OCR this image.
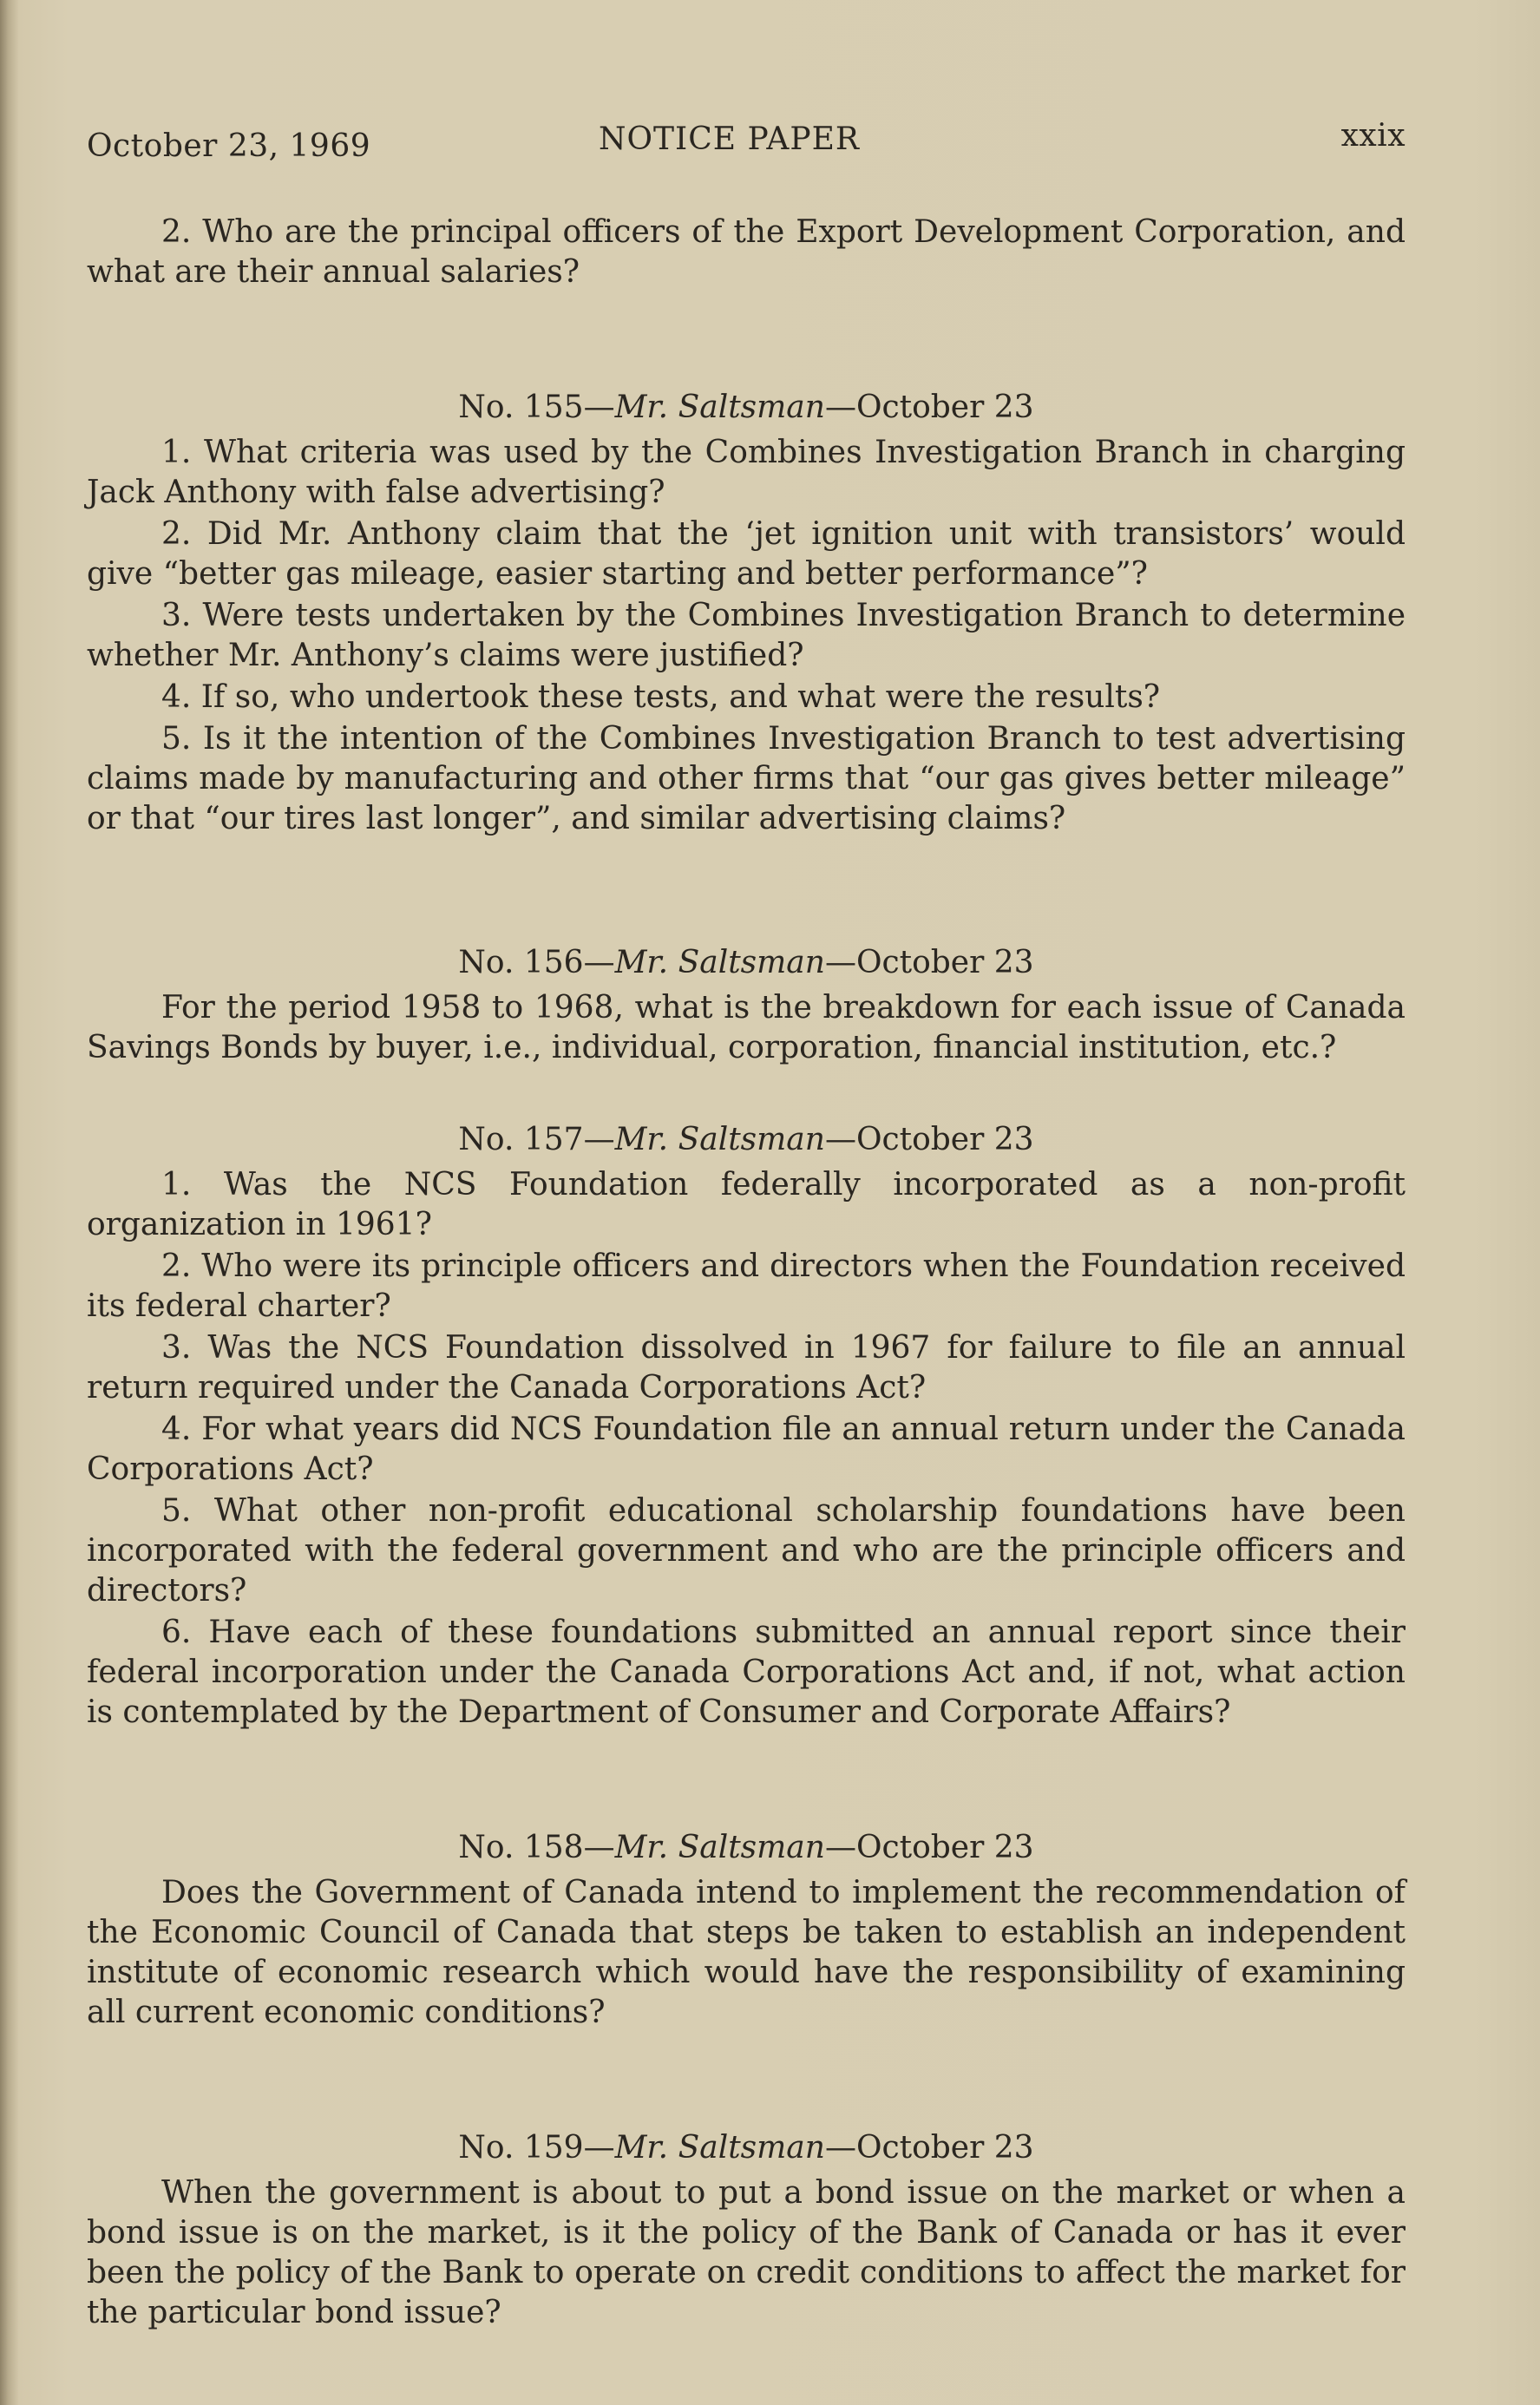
October 23, 1969	NOTICE PAPER	xxix

2. Who are the principal officers of the Export Development Corporation, and what are their annual salaries?

No. 155—Mr. Saltsman—October 23

1. What criteria was used by the Combines Investigation Branch in charging Jack Anthony with false advertising?

2. Did Mr. Anthony claim that the ‘jet ignition unit with transistors’ would give “better gas mileage, easier starting and better performance”?

3. Were tests undertaken by the Combines Investigation Branch to determine whether Mr. Anthony’s claims were justified?

4. If so, who undertook these tests, and what were the results?

5. Is it the intention of the Combines Investigation Branch to test advertising claims made by manufacturing and other firms that “our gas gives better mileage” or that “our tires last longer”, and similar advertising claims?

No. 156—Mr. Saltsman—October 23

For the period 1958 to 1968, what is the breakdown for each issue of Canada Savings Bonds by buyer, i.e., individual, corporation, financial institution, etc.?

No. 157—Mr. Saltsman—October 23

1. Was the NCS Foundation federally incorporated as a non-profit organization in 1961?

2. Who were its principle officers and directors when the Foundation received its federal charter?

3. Was the NCS Foundation dissolved in 1967 for failure to file an annual return required under the Canada Corporations Act?

4. For what years did NCS Foundation file an annual return under the Canada Corporations Act?

5. What other non-profit educational scholarship foundations have been incorporated with the federal government and who are the principle officers and directors?

6. Have each of these foundations submitted an annual report since their federal incorporation under the Canada Corporations Act and, if not, what action is contemplated by the Department of Consumer and Corporate Affairs?

No. 158—Mr. Saltsman—October 23

Does the Government of Canada intend to implement the recommendation of the Economic Council of Canada that steps be taken to establish an independent institute of economic research which would have the responsibility of examining all current economic conditions?

No. 159—Mr. Saltsman—October 23

When the government is about to put a bond issue on the market or when a bond issue is on the market, is it the policy of the Bank of Canada or has it ever been the policy of the Bank to operate on credit conditions to affect the market for the particular bond issue?
